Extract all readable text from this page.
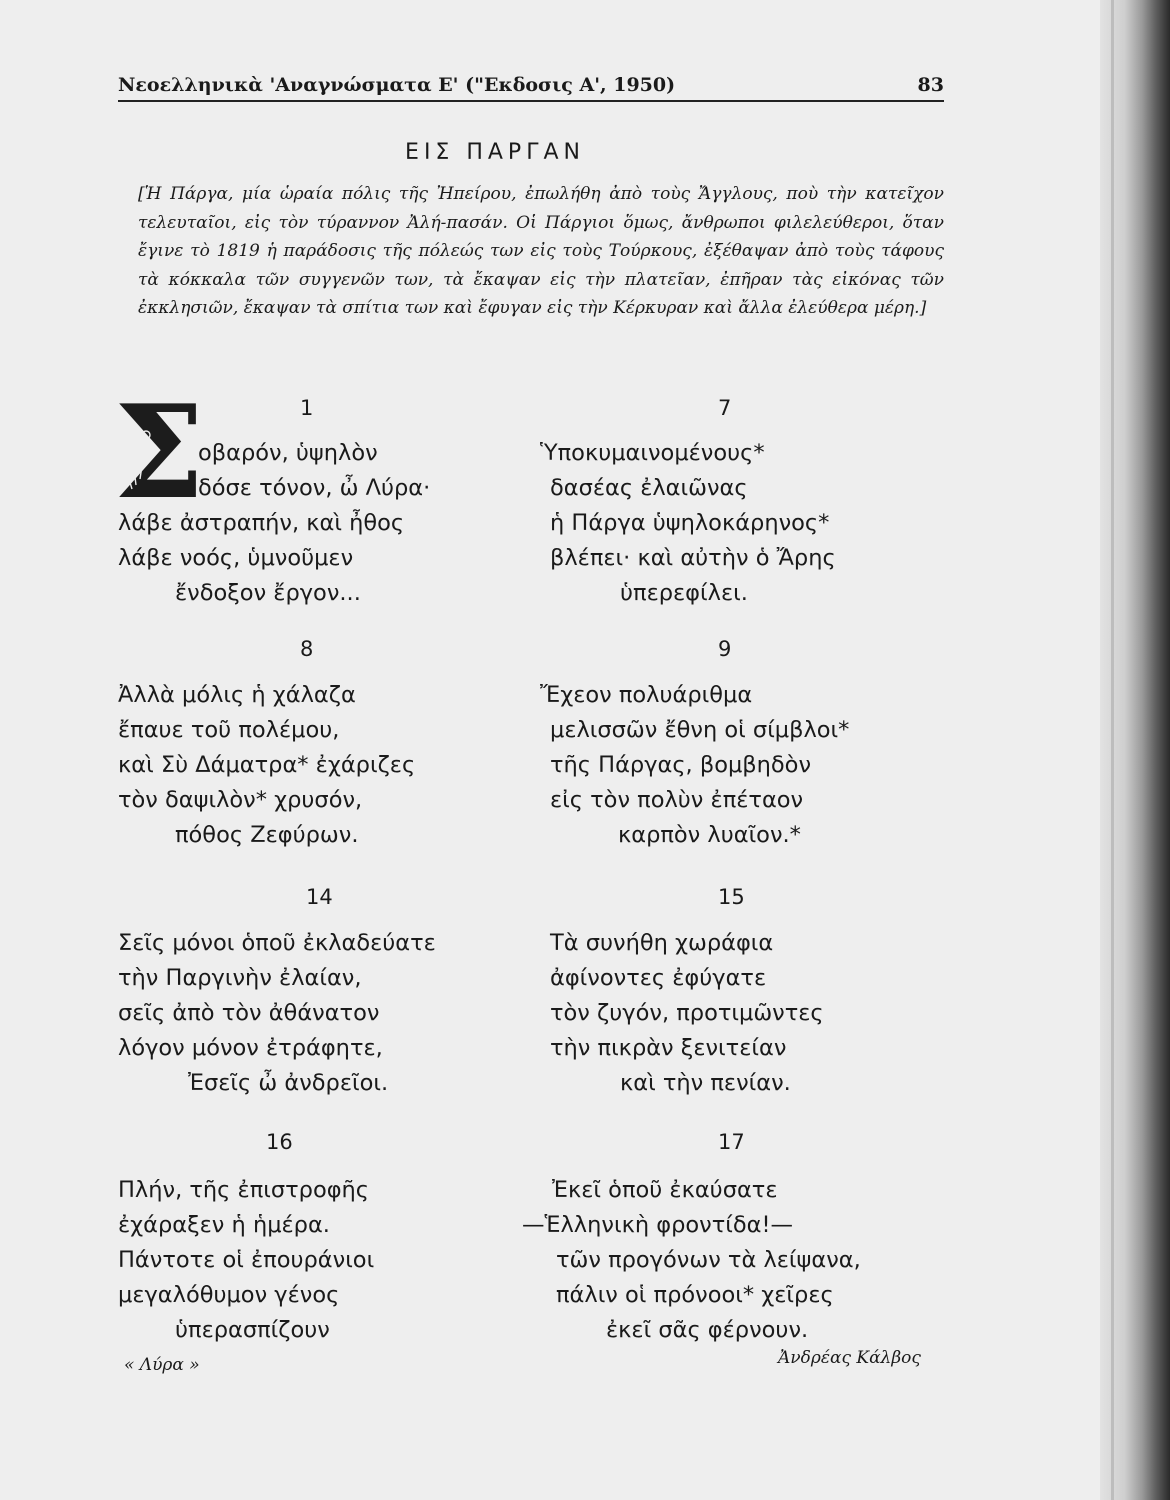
Νεοελληνικὰ 'Αναγνώσματα Ε' ("Εκδοσις Α', 1950)	83
ΕΙΣ ΠΑΡΓΑΝ
[Ἡ Πάργα, μία ὡραία πόλις τῆς Ἠπείρου, ἐπωλήθη ἀπὸ τοὺς Ἄγγλους, ποὺ τὴν κατεῖχον τελευταῖοι, εἰς τὸν τύραννον Ἀλή-πασάν. Οἱ Πάργιοι ὅμως, ἄνθρωποι φιλελεύθεροι, ὅταν ἔγινε τὸ 1819 ἡ παράδοσις τῆς πόλεώς των εἰς τοὺς Τούρκους, ἐξέθαψαν ἀπὸ τοὺς τάφους τὰ κόκκαλα τῶν συγγενῶν των, τὰ ἔκαψαν εἰς τὴν πλατεῖαν, ἐπῆραν τὰς εἰκόνας τῶν ἐκκλησιῶν, ἔκαψαν τὰ σπίτια των καὶ ἔφυγαν εἰς τὴν Κέρκυραν καὶ ἄλλα ἐλεύθερα μέρη.]
Σ	1
οβαρόν, ὑψηλὸν
δόσε τόνον, ὦ Λύρα·
λάβε ἀστραπήν, καὶ ἦθος
λάβε νοός, ὑμνοῦμεν
ἔνδοξον ἔργον...
7
Ὑποκυμαινομένους*
δασέας ἐλαιῶνας
ἡ Πάργα ὑψηλοκάρηνος*
βλέπει· καὶ αὐτὴν ὁ Ἄρης
ὑπερεφίλει.
8
Ἀλλὰ μόλις ἡ χάλαζα
ἔπαυε τοῦ πολέμου,
καὶ Σὺ Δάματρα* ἐχάριζες
τὸν δαψιλὸν* χρυσόν,
πόθος Ζεφύρων.
9
Ἔχεον πολυάριθμα
μελισσῶν ἔθνη οἱ σίμβλοι*
τῆς Πάργας, βομβηδὸν
εἰς τὸν πολὺν ἐπέταον
καρπὸν λυαῖον.*
14
Σεῖς μόνοι ὁποῦ ἐκλαδεύατε
τὴν Παργινὴν ἐλαίαν,
σεῖς ἀπὸ τὸν ἀθάνατον
λόγον μόνον ἐτράφητε,
Ἐσεῖς ὦ ἀνδρεῖοι.
15
Τὰ συνήθη χωράφια
ἀφίνοντες ἐφύγατε
τὸν ζυγόν, προτιμῶντες
τὴν πικρὰν ξενιτείαν
καὶ τὴν πενίαν.
16
Πλήν, τῆς ἐπιστροφῆς
ἐχάραξεν ἡ ἡμέρα.
Πάντοτε οἱ ἐπουράνιοι
μεγαλόθυμον γένος
ὑπερασπίζουν
17
Ἐκεῖ ὁποῦ ἐκαύσατε
—Ἑλληνικὴ φροντίδα!—
τῶν προγόνων τὰ λείψανα,
πάλιν οἱ πρόνοοι* χεῖρες
ἐκεῖ σᾶς φέρνουν.
« Λύρα »	Ἀνδρέας Κάλβος
